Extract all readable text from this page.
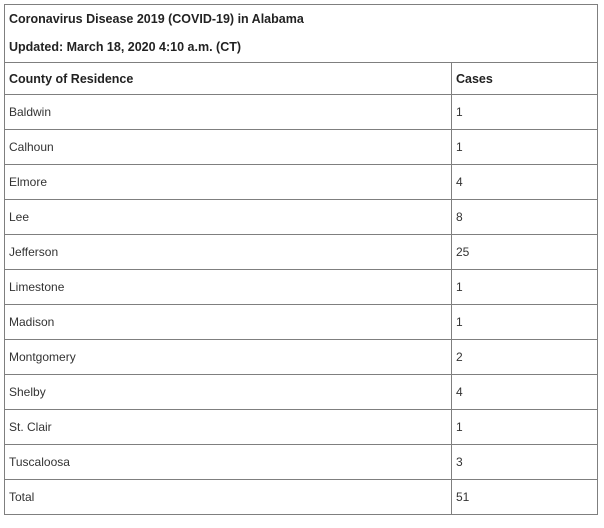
Coronavirus Disease 2019 (COVID-19) in Alabama	
Updated: March 18, 2020 4:10 a.m. (CT)	
County of Residence	Cases
Baldwin	1
Calhoun	1
Elmore	4
Lee	8
Jefferson	25
Limestone	1
Madison	1
Montgomery	2
Shelby	4
St. Clair	1
Tuscaloosa	3
Total	51
